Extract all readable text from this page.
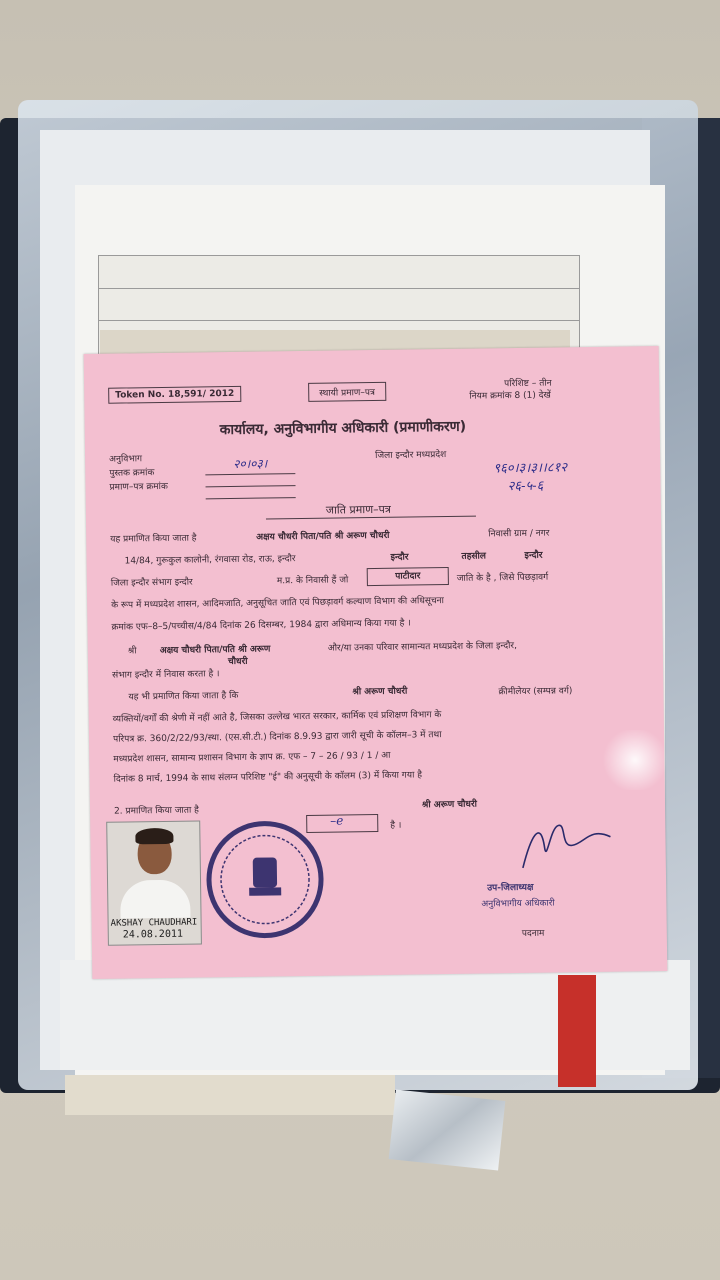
Token No. 18,591/ 2012	स्थायी प्रमाण–पत्र
परिशिष्ट – तीन
नियम क्रमांक 8 (1) देखें
कार्यालय, अनुविभागीय अधिकारी (प्रमाणीकरण)
अनुविभाग
पुस्तक क्रमांक
प्रमाण–पत्र क्रमांक
२०।०३।
जिला इन्दौर मध्यप्रदेश
९६०।३।३।।८१२
२६-५-६
जाति प्रमाण–पत्र
यह प्रमाणित किया जाता है	अक्षय चौधरी पिता/पति श्री अरूण चौधरी	निवासी ग्राम / नगर
14/84, गुरूकुल कालोनी, रंगवासा रोड, राऊ, इन्दौर	इन्दौर	तहसील	इन्दौर
जिला इन्दौर संभाग इन्दौर	म.प्र. के निवासी हैं जो	पाटीदार	जाति के है , जिसे पिछड़ावर्ग
के रूप में मध्यप्रदेश शासन, आदिमजाति, अनुसूचित जाति एवं पिछड़ावर्ग कल्याण विभाग की अधिसूचना
क्रमांक एफ–8–5/पच्चीस/4/84 दिनांक 26 दिसम्बर, 1984 द्वारा अधिमान्य किया गया है ।
श्री	अक्षय चौधरी पिता/पति श्री अरूण	और/या उनका परिवार सामान्यत मध्यप्रदेश के जिला इन्दौर,
चौधरी
संभाग इन्दौर में निवास करता है ।
यह भी प्रमाणित किया जाता है कि	श्री अरूण चौधरी	क्रीमीलेयर (सम्पन्न वर्ग)
व्यक्तियों/वर्गों की श्रेणी में नहीं आते है, जिसका उल्लेख भारत सरकार, कार्मिक एवं प्रशिक्षण विभाग के
परिपत्र क्र. 360/2/22/93/स्था. (एस.सी.टी.) दिनांक 8.9.93 द्वारा जारी सूची के कॉलम–3 में तथा
मध्यप्रदेश शासन, सामान्य प्रशासन विभाग के ज्ञाप क्र. एफ – 7 – 26 / 93 / 1 / आ
दिनांक 8 मार्च, 1994 के साथ संलग्न परिशिष्ट "ई" की अनुसूची के कॉलम (3) में किया गया है
2. प्रमाणित किया जाता है
श्री अरूण चौधरी
–e	है ।
उप-जिलाध्यक्ष
अनुविभागीय अधिकारी
पदनाम
AKSHAY CHAUDHARI
24.08.2011
